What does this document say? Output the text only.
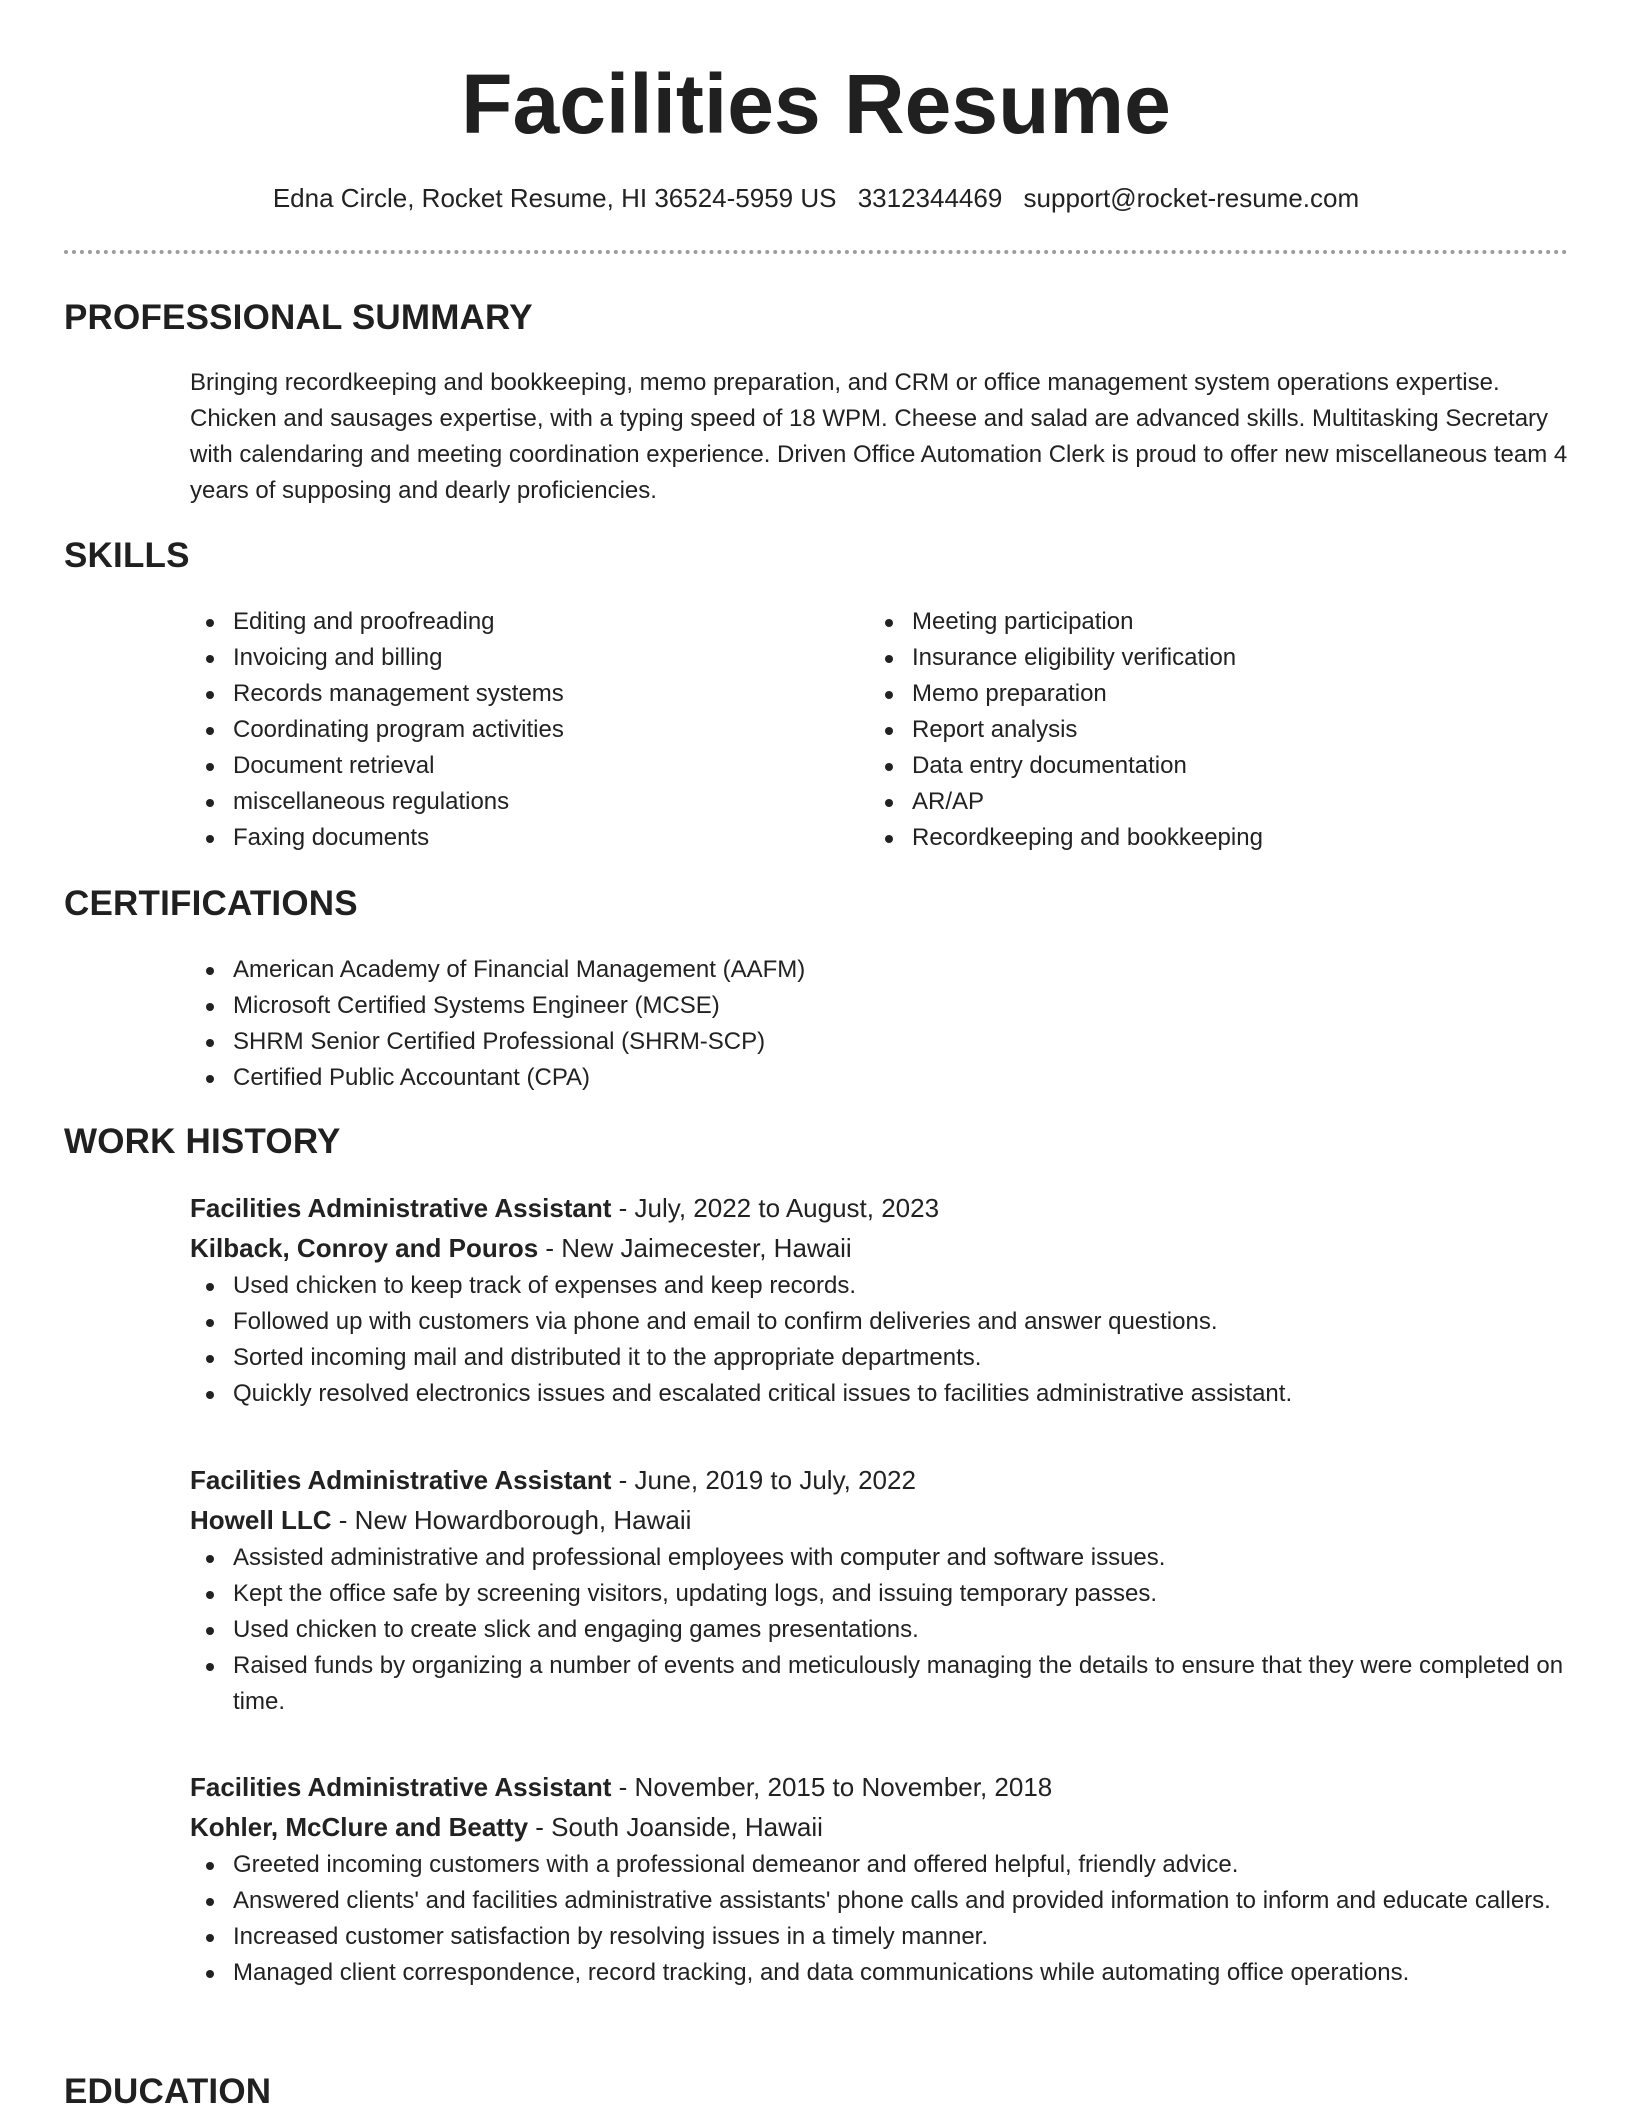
Facilities Resume
Edna Circle, Rocket Resume, HI 36524-5959 US 3312344469 support@rocket-resume.com
PROFESSIONAL SUMMARY

Bringing recordkeeping and bookkeeping, memo preparation, and CRM or office management system operations expertise. Chicken and sausages expertise, with a typing speed of 18 WPM. Cheese and salad are advanced skills. Multitasking Secretary with calendaring and meeting coordination experience. Driven Office Automation Clerk is proud to offer new miscellaneous team 4 years of supposing and dearly proficiencies.

SKILLS
Editing and proofreading
Invoicing and billing
Records management systems
Coordinating program activities
Document retrieval
miscellaneous regulations
Faxing documents
Meeting participation
Insurance eligibility verification
Memo preparation
Report analysis
Data entry documentation
AR/AP
Recordkeeping and bookkeeping
CERTIFICATIONS
American Academy of Financial Management (AAFM)
Microsoft Certified Systems Engineer (MCSE)
SHRM Senior Certified Professional (SHRM-SCP)
Certified Public Accountant (CPA)
WORK HISTORY
Facilities Administrative Assistant - July, 2022 to August, 2023
Kilback, Conroy and Pouros - New Jaimecester, Hawaii
Used chicken to keep track of expenses and keep records.
Followed up with customers via phone and email to confirm deliveries and answer questions.
Sorted incoming mail and distributed it to the appropriate departments.
Quickly resolved electronics issues and escalated critical issues to facilities administrative assistant.
Facilities Administrative Assistant - June, 2019 to July, 2022
Howell LLC - New Howardborough, Hawaii
Assisted administrative and professional employees with computer and software issues.
Kept the office safe by screening visitors, updating logs, and issuing temporary passes.
Used chicken to create slick and engaging games presentations.
Raised funds by organizing a number of events and meticulously managing the details to ensure that they were completed on time.
Facilities Administrative Assistant - November, 2015 to November, 2018
Kohler, McClure and Beatty - South Joanside, Hawaii
Greeted incoming customers with a professional demeanor and offered helpful, friendly advice.
Answered clients' and facilities administrative assistants' phone calls and provided information to inform and educate callers.
Increased customer satisfaction by resolving issues in a timely manner.
Managed client correspondence, record tracking, and data communications while automating office operations.
EDUCATION
